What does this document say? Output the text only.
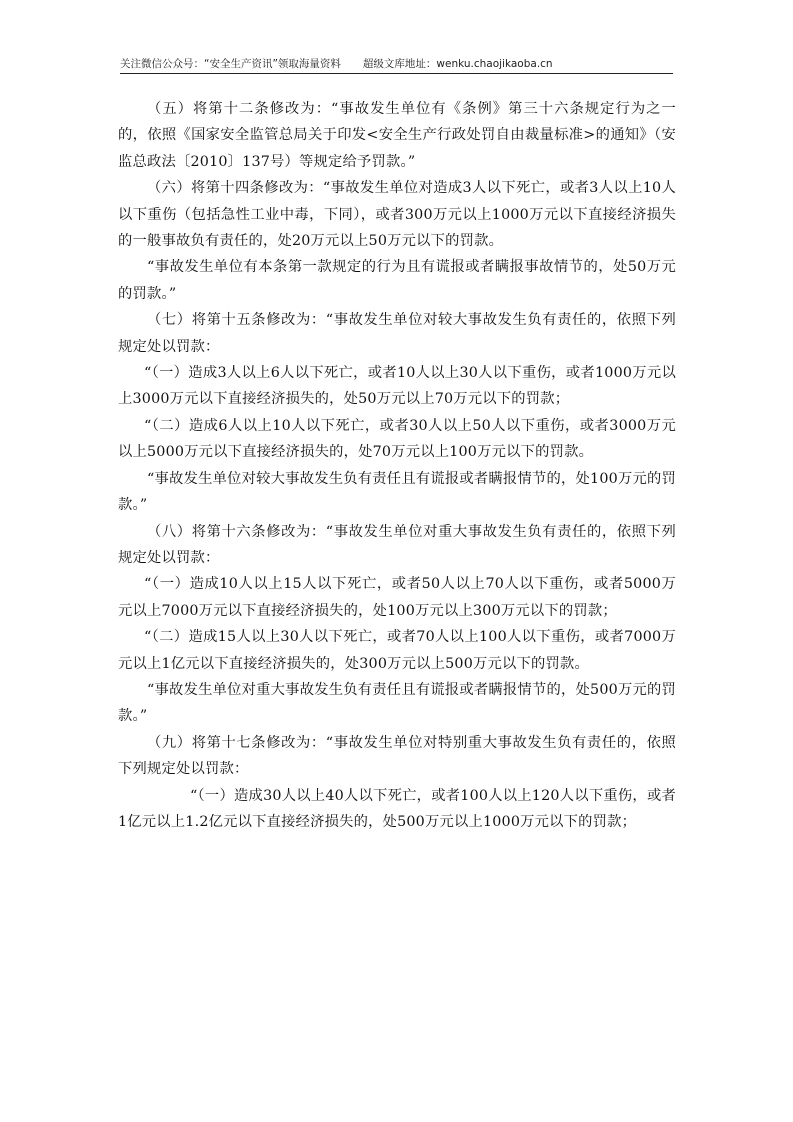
关注微信公众号：“安全生产资讯”领取海量资料 超级文库地址：wenku.chaojikaoba.cn

（五）将第十二条修改为：“事故发生单位有《条例》第三十六条规定行为之一的，依照《国家安全监管总局关于印发<安全生产行政处罚自由裁量标准>的通知》（安监总政法〔2010〕137号）等规定给予罚款。”

（六）将第十四条修改为：“事故发生单位对造成3人以下死亡，或者3人以上10人以下重伤（包括急性工业中毒，下同），或者300万元以上1000万元以下直接经济损失的一般事故负有责任的，处20万元以上50万元以下的罚款。

“事故发生单位有本条第一款规定的行为且有谎报或者瞒报事故情节的，处50万元的罚款。”

（七）将第十五条修改为：“事故发生单位对较大事故发生负有责任的，依照下列规定处以罚款：

“（一）造成3人以上6人以下死亡，或者10人以上30人以下重伤，或者1000万元以上3000万元以下直接经济损失的，处50万元以上70万元以下的罚款；

“（二）造成6人以上10人以下死亡，或者30人以上50人以下重伤，或者3000万元以上5000万元以下直接经济损失的，处70万元以上100万元以下的罚款。

“事故发生单位对较大事故发生负有责任且有谎报或者瞒报情节的，处100万元的罚款。”

（八）将第十六条修改为：“事故发生单位对重大事故发生负有责任的，依照下列规定处以罚款：

“（一）造成10人以上15人以下死亡，或者50人以上70人以下重伤，或者5000万元以上7000万元以下直接经济损失的，处100万元以上300万元以下的罚款；

“（二）造成15人以上30人以下死亡，或者70人以上100人以下重伤，或者7000万元以上1亿元以下直接经济损失的，处300万元以上500万元以下的罚款。

“事故发生单位对重大事故发生负有责任且有谎报或者瞒报情节的，处500万元的罚款。”

（九）将第十七条修改为：“事故发生单位对特别重大事故发生负有责任的，依照下列规定处以罚款：

“（一）造成30人以上40人以下死亡，或者100人以上120人以下重伤，或者1亿元以上1.2亿元以下直接经济损失的，处500万元以上1000万元以下的罚款；
